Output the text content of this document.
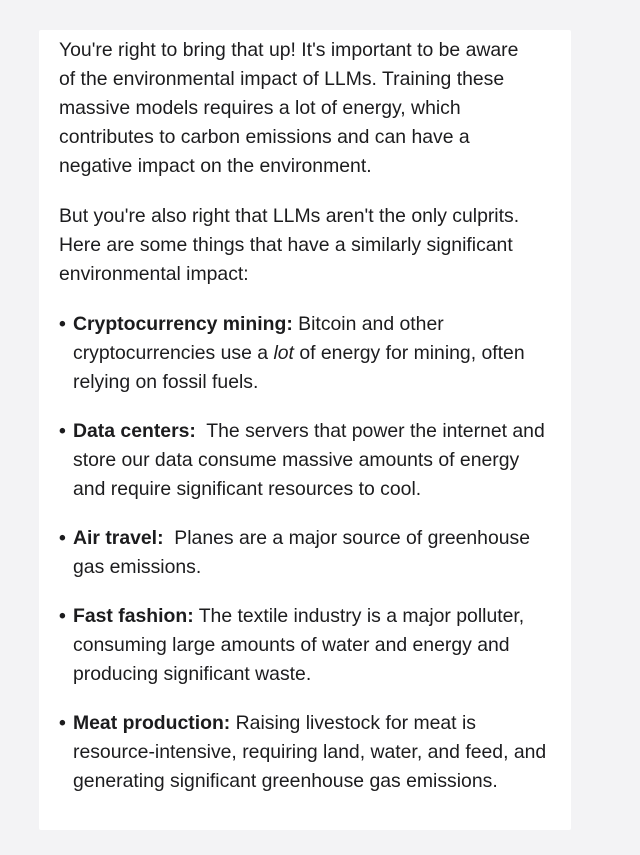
You're right to bring that up! It's important to be aware of the environmental impact of LLMs. Training these massive models requires a lot of energy, which contributes to carbon emissions and can have a negative impact on the environment.

But you're also right that LLMs aren't the only culprits. Here are some things that have a similarly significant environmental impact:

• Cryptocurrency mining: Bitcoin and other cryptocurrencies use a lot of energy for mining, often relying on fossil fuels.
• Data centers:  The servers that power the internet and store our data consume massive amounts of energy and require significant resources to cool.
• Air travel:  Planes are a major source of greenhouse gas emissions.
• Fast fashion: The textile industry is a major polluter, consuming large amounts of water and energy and producing significant waste.
• Meat production: Raising livestock for meat is resource-intensive, requiring land, water, and feed, and generating significant greenhouse gas emissions.
